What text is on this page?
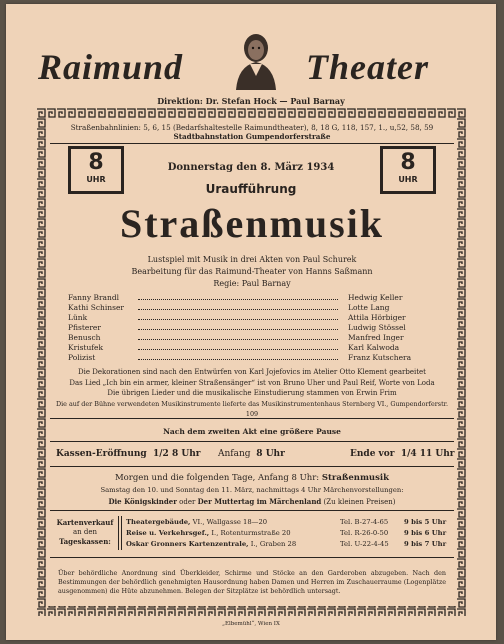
Raimund	Theater
Direktion: Dr. Stefan Hock — Paul Barnay
Straßenbahnlinien: 5, 6, 15 (Bedarfshaltestelle Raimundtheater), 8, 18 G, 118, 157, 1., u,52, 58, 59
Stadtbahnstation Gumpendorferstraße
8
UHR
8
UHR
Donnerstag den 8. März 1934
Uraufführung
Straßenmusik
Lustspiel mit Musik in drei Akten von Paul Schurek
Bearbeitung für das Raimund-Theater von Hanns Saßmann
Regie: Paul Barnay
Fanny Brandl	Hedwig Keller
Kathi Schinser	Lotte Lang
Lünk	Attila Hörbiger
Pfisterer	Ludwig Stössel
Benusch	Manfred Inger
Kristufek	Karl Kalwoda
Polizist	Franz Kutschera
Die Dekorationen sind nach den Entwürfen von Karl Jojefovics im Atelier Otto Klement gearbeitet
Das Lied „Ich bin ein armer, kleiner Straßensänger“ ist von Bruno Uher und Paul Reif, Worte von Loda
Die übrigen Lieder und die musikalische Einstudierung stammen von Erwin Frim
Die auf der Bühne verwendeten Musikinstrumente lieferte das Musikinstrumentenhaus Sternberg VI., Gumpendorferstr. 109
Nach dem zweiten Akt eine größere Pause
Kassen-Eröffnung 1/2 8 Uhr Anfang 8 Uhr	Ende vor 1/4 11 Uhr
Morgen und die folgenden Tage, Anfang 8 Uhr: Straßenmusik
Samstag den 10. und Sonntag den 11. März, nachmittags 4 Uhr Märchenvorstellungen:
Die Königskinder oder Der Muttertag im Märchenland (Zu kleinen Preisen)
Kartenverkauf
an den
Tageskassen:
Theatergebäude, VI., Wallgasse 18—20	Tel. B-27-4-65 9 bis 5 Uhr
Reise u. Verkehrsgef., I., Rotenturmstraße 20	Tel. R-26-0-50 9 bis 6 Uhr
Oskar Gronners Kartenzentrale, I., Graben 28	Tel. U-22-4-45 9 bis 7 Uhr
Über behördliche Anordnung sind Überkleider, Schirme und Stöcke an den Garderoben abzugeben. Nach den Bestimmungen der behördlich genehmigten Hausordnung haben Damen und Herren im Zuschauerraume (Logenplätze ausgenommen) die Hüte abzunehmen. Belegen der Sitzplätze ist behördlich untersagt.
„Elbemühl“, Wien IX
